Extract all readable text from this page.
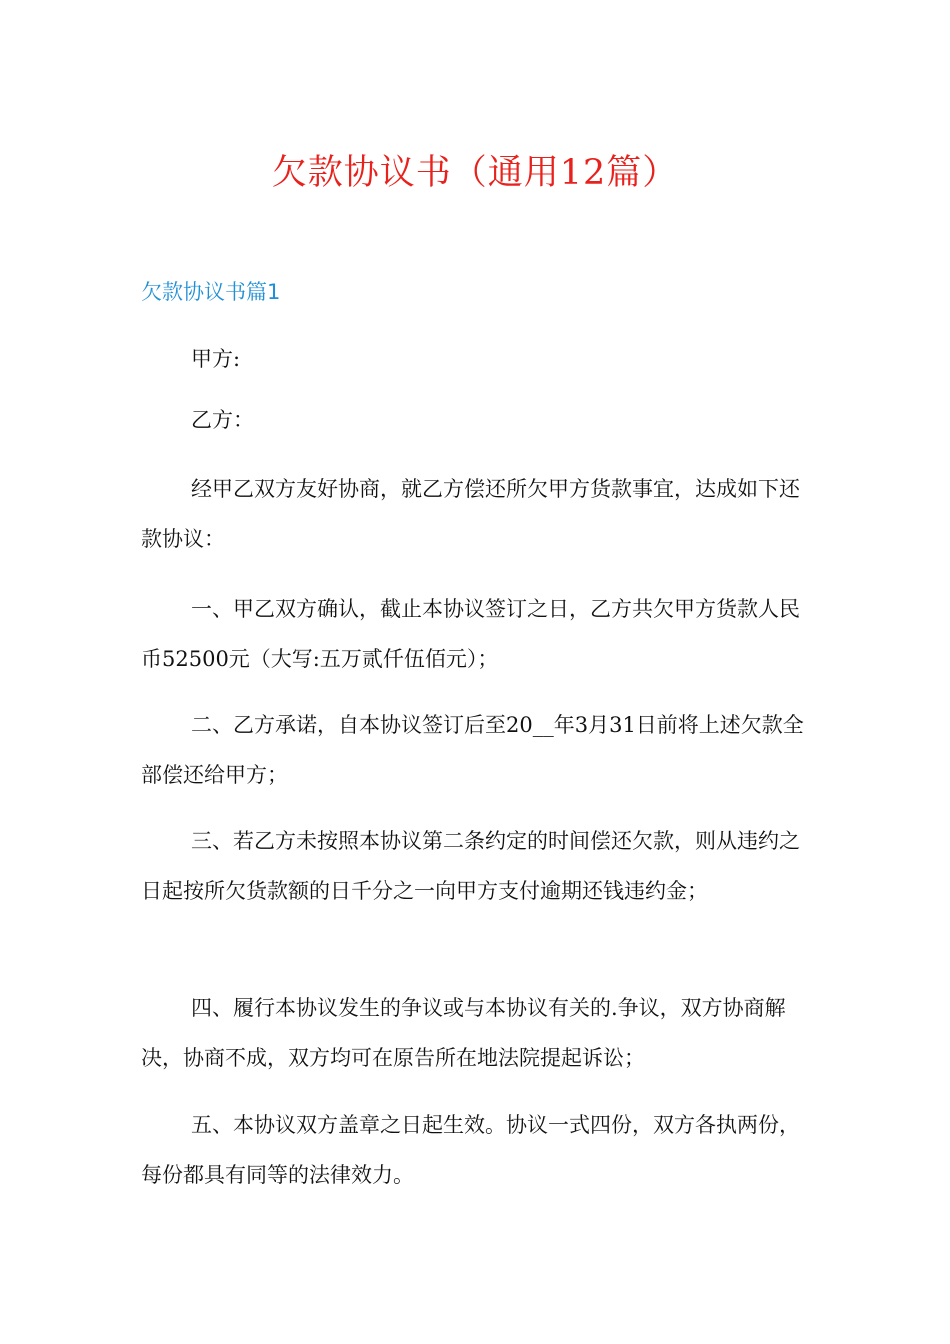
欠款协议书（通用12篇）
欠款协议书篇1

甲方:

乙方：

经甲乙双方友好协商，就乙方偿还所欠甲方货款事宜，达成如下还款协议：

一、甲乙双方确认，截止本协议签订之日，乙方共欠甲方货款人民币52500元（大写:五万贰仟伍佰元）；

二、乙方承诺，自本协议签订后至20__年3月31日前将上述欠款全部偿还给甲方；

三、若乙方未按照本协议第二条约定的时间偿还欠款，则从违约之日起按所欠货款额的日千分之一向甲方支付逾期还钱违约金；

四、履行本协议发生的争议或与本协议有关的.争议，双方协商解决，协商不成，双方均可在原告所在地法院提起诉讼；

五、本协议双方盖章之日起生效。协议一式四份，双方各执两份，每份都具有同等的法律效力。
